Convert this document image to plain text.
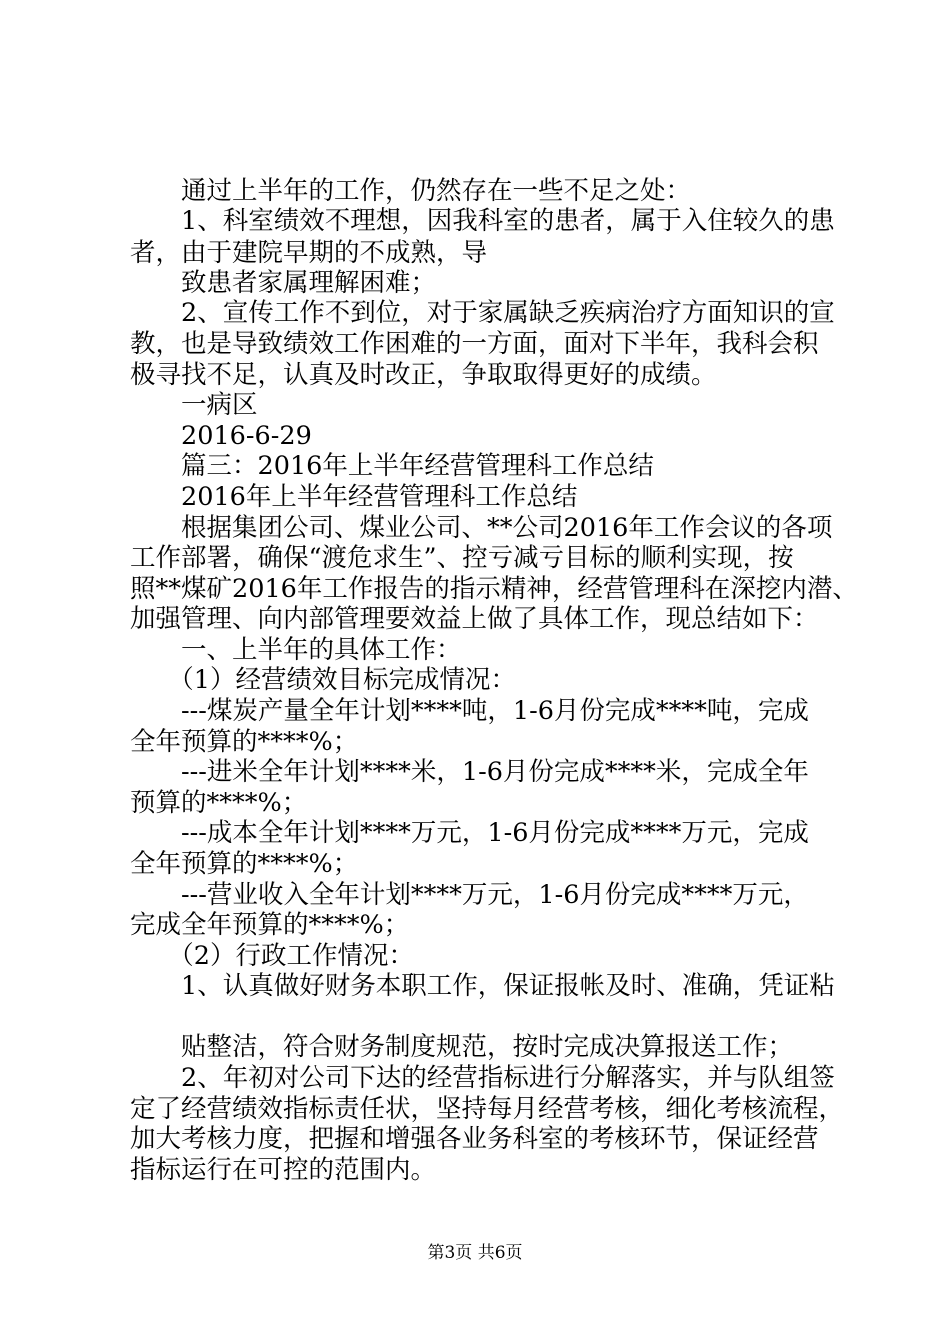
　　通过上半年的工作，仍然存在一些不足之处：
　　1、科室绩效不理想，因我科室的患者，属于入住较久的患
者，由于建院早期的不成熟，导
　　致患者家属理解困难；
　　2、宣传工作不到位，对于家属缺乏疾病治疗方面知识的宣
教，也是导致绩效工作困难的一方面，面对下半年，我科会积
极寻找不足，认真及时改正，争取取得更好的成绩。
　　一病区
　　2016-6-29
　　篇三：2016年上半年经营管理科工作总结
　　2016年上半年经营管理科工作总结
　　根据集团公司、煤业公司、**公司2016年工作会议的各项
工作部署，确保“渡危求生”、控亏减亏目标的顺利实现，按
照**煤矿2016年工作报告的指示精神，经营管理科在深挖内潜、
加强管理、向内部管理要效益上做了具体工作，现总结如下：
　　一、上半年的具体工作：
　　（1）经营绩效目标完成情况：
　　---煤炭产量全年计划****吨，1-6月份完成****吨，完成
全年预算的****%；
　　---进米全年计划****米，1-6月份完成****米，完成全年
预算的****%；
　　---成本全年计划****万元，1-6月份完成****万元，完成
全年预算的****%；
　　---营业收入全年计划****万元，1-6月份完成****万元，
完成全年预算的****%；
　　（2）行政工作情况：
　　1、认真做好财务本职工作，保证报帐及时、准确，凭证粘
　　贴整洁，符合财务制度规范，按时完成决算报送工作；
　　2、年初对公司下达的经营指标进行分解落实，并与队组签
定了经营绩效指标责任状，坚持每月经营考核，细化考核流程，
加大考核力度，把握和增强各业务科室的考核环节，保证经营
指标运行在可控的范围内。
第3页 共6页
